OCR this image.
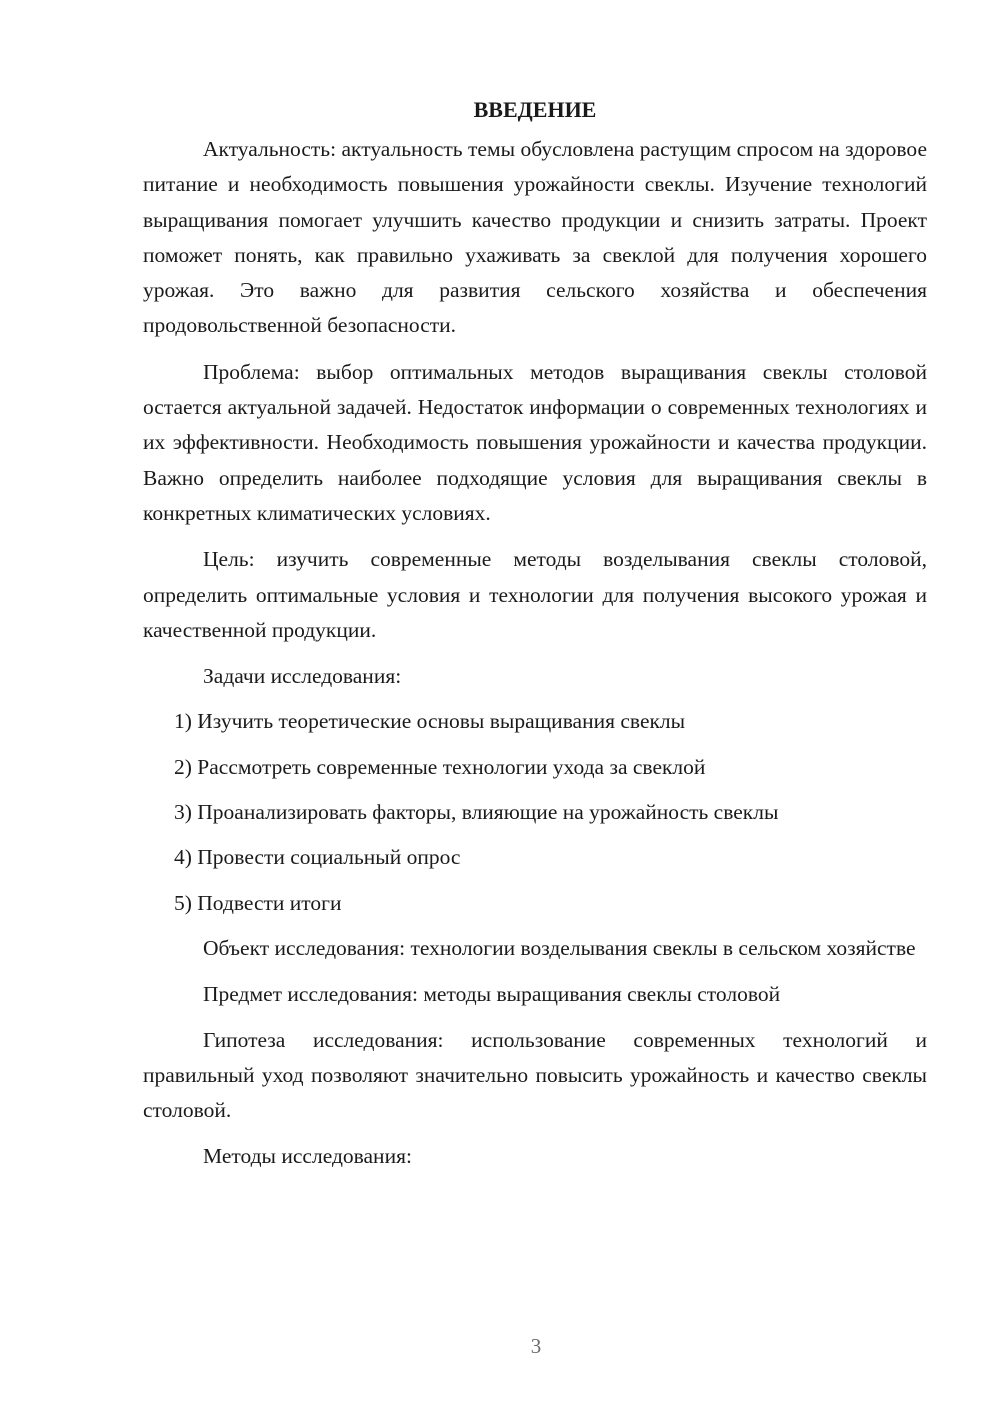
ВВЕДЕНИЕ

Актуальность: актуальность темы обусловлена растущим спросом на здоровое питание и необходимость повышения урожайности свеклы. Изучение технологий выращивания помогает улучшить качество продукции и снизить затраты. Проект поможет понять, как правильно ухаживать за свеклой для получения хорошего урожая. Это важно для развития сельского хозяйства и обеспечения продовольственной безопасности.

Проблема: выбор оптимальных методов выращивания свеклы столовой остается актуальной задачей. Недостаток информации о современных технологиях и их эффективности. Необходимость повышения урожайности и качества продукции. Важно определить наиболее подходящие условия для выращивания свеклы в конкретных климатических условиях.

Цель: изучить современные методы возделывания свеклы столовой, определить оптимальные условия и технологии для получения высокого урожая и качественной продукции.

Задачи исследования:

1) Изучить теоретические основы выращивания свеклы
2) Рассмотреть современные технологии ухода за свеклой
3) Проанализировать факторы, влияющие на урожайность свеклы
4) Провести социальный опрос
5) Подвести итоги

Объект исследования: технологии возделывания свеклы в сельском хозяйстве

Предмет исследования: методы выращивания свеклы столовой

Гипотеза исследования: использование современных технологий и правильный уход позволяют значительно повысить урожайность и качество свеклы столовой.

Методы исследования:

3
